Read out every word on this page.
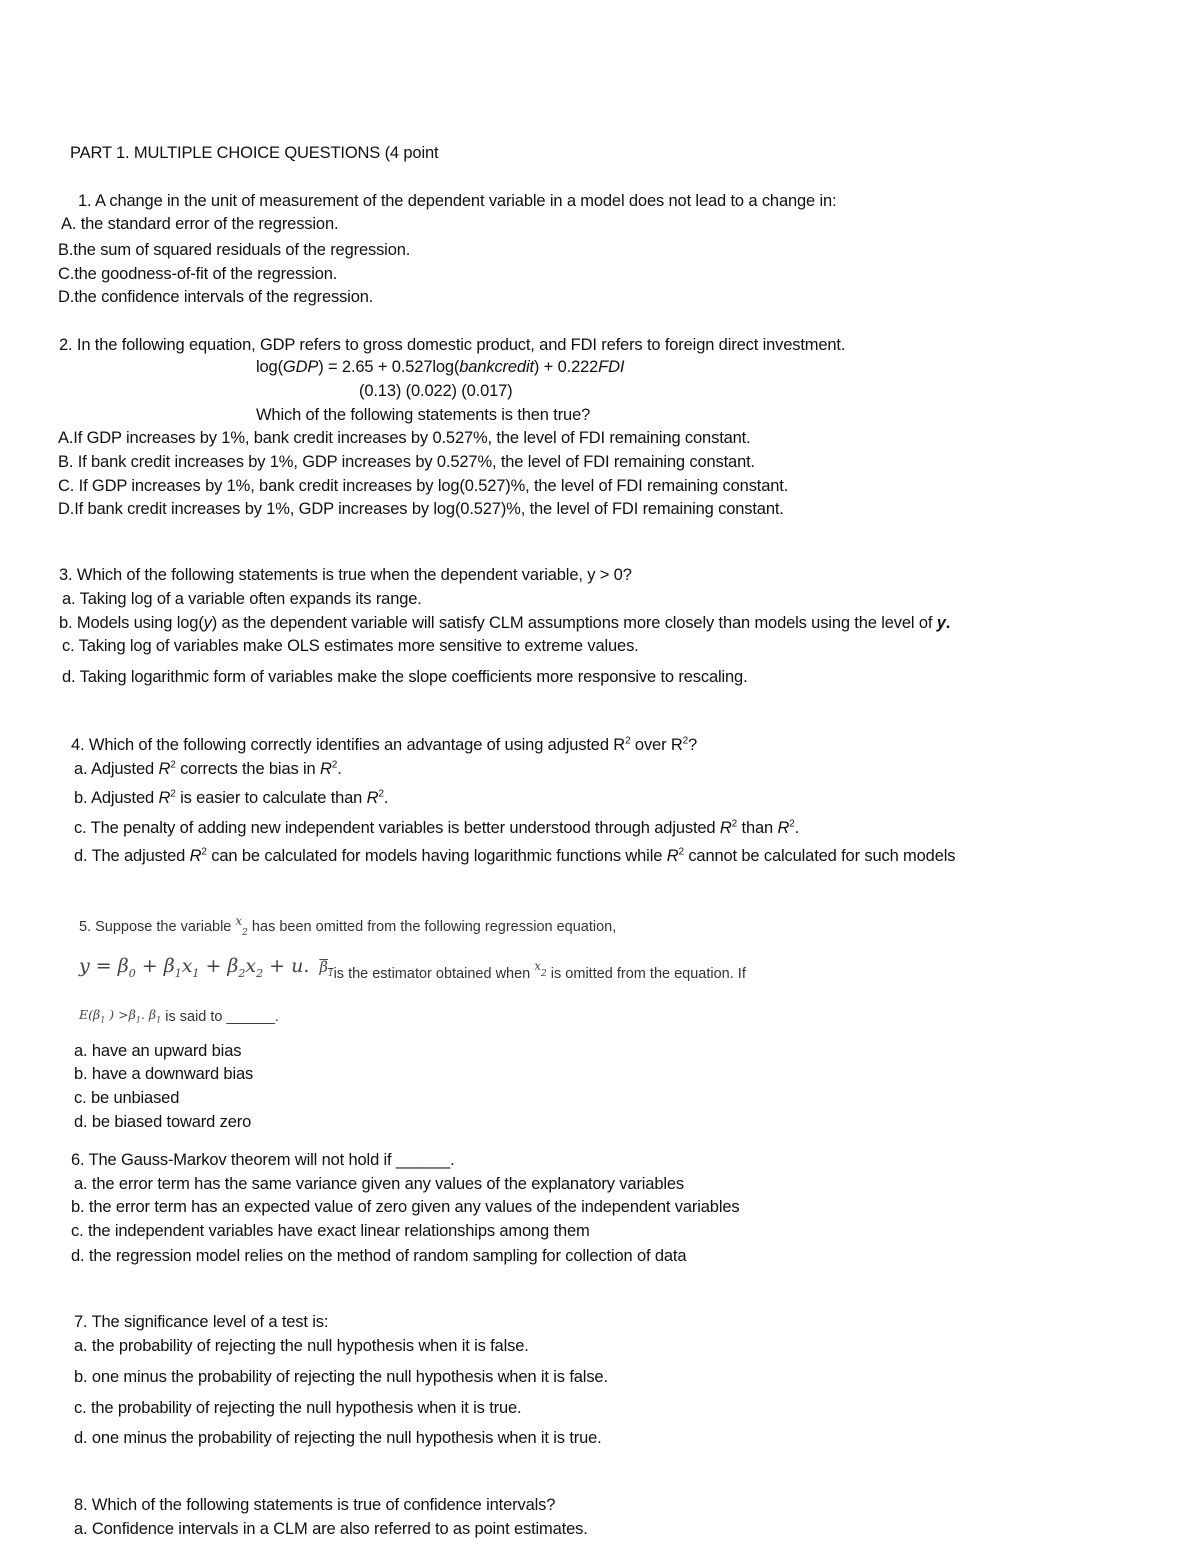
PART 1. MULTIPLE CHOICE QUESTIONS (4 point
1. A change in the unit of measurement of the dependent variable in a model does not lead to a change in:
A. the standard error of the regression.
B.the sum of squared residuals of the regression.
C.the goodness-of-fit of the regression.
D.the confidence intervals of the regression.
2. In the following equation, GDP refers to gross domestic product, and FDI refers to foreign direct investment.
log(GDP) = 2.65 + 0.527log(bankcredit) + 0.222FDI
(0.13) (0.022) (0.017)
Which of the following statements is then true?
A.If GDP increases by 1%, bank credit increases by 0.527%, the level of FDI remaining constant.
B. If bank credit increases by 1%, GDP increases by 0.527%, the level of FDI remaining constant.
C. If GDP increases by 1%, bank credit increases by log(0.527)%, the level of FDI remaining constant.
D.If bank credit increases by 1%, GDP increases by log(0.527)%, the level of FDI remaining constant.
3. Which of the following statements is true when the dependent variable, y > 0?
a. Taking log of a variable often expands its range.
b. Models using log(y) as the dependent variable will satisfy CLM assumptions more closely than models using the level of y.
c. Taking log of variables make OLS estimates more sensitive to extreme values.
d. Taking logarithmic form of variables make the slope coefficients more responsive to rescaling.
4. Which of the following correctly identifies an advantage of using adjusted $R^2$ over $R^2$?
a. Adjusted $R^2$ corrects the bias in $R^2$.
b. Adjusted $R^2$ is easier to calculate than $R^2$.
c. The penalty of adding new independent variables is better understood through adjusted $R^2$ than $R^2$.
d. The adjusted $R^2$ can be calculated for models having logarithmic functions while $R^2$ cannot be calculated for such models
5. Suppose the variable $^x_2$ has been omitted from the following regression equation,
$y = \beta_0 + \beta_1x_1 + \beta_2x_2 + u$. $\beta_1is$ the estimator obtained when $x_2$ is omitted from the equation. If
$E(\beta_1$ ) $>\beta_1$. $\beta_1$ is said to ______.
a. have an upward bias
b. have a downward bias
c. be unbiased
d. be biased toward zero
6. The Gauss-Markov theorem will not hold if ______.
a. the error term has the same variance given any values of the explanatory variables
b. the error term has an expected value of zero given any values of the independent variables
c. the independent variables have exact linear relationships among them
d. the regression model relies on the method of random sampling for collection of data
7. The significance level of a test is:
a. the probability of rejecting the null hypothesis when it is false.
b. one minus the probability of rejecting the null hypothesis when it is false.
c. the probability of rejecting the null hypothesis when it is true.
d. one minus the probability of rejecting the null hypothesis when it is true.
8. Which of the following statements is true of confidence intervals?
a. Confidence intervals in a CLM are also referred to as point estimates.
